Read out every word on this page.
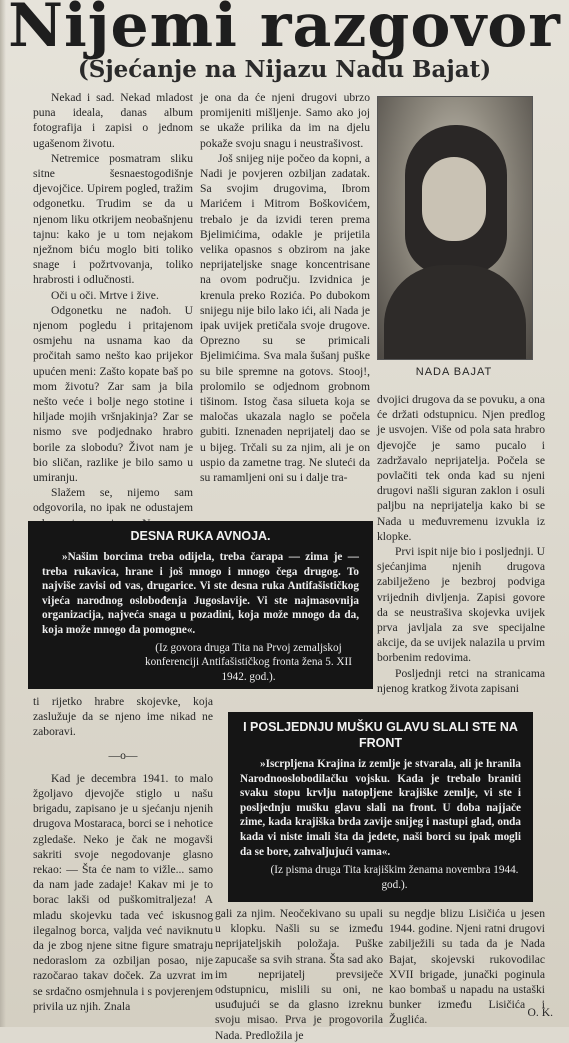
Nijemi razgovor
(Sjećanje na Nijazu Nadu Bajat)

Nekad i sad. Nekad mladost puna ideala, danas album fotografija i zapisi o jednom ugašenom životu.

Netremice posmatram sliku sitne šesnaestogodišnje djevojčice. Upirem pogled, tražim odgonetku. Trudim se da u njenom liku otkrijem neobašnjenu tajnu: kako je u tom nejakom nježnom biću moglo biti toliko snage i požrtvovanja, toliko hrabrosti i odlučnosti.

Oči u oči. Mrtve i žive.

Odgonetku ne nađoh. U njenom pogledu i pritajenom osmjehu na usnama kao da pročitah samo nešto kao prijekor upućen meni: Zašto kopate baš po mom životu? Zar sam ja bila nešto veće i bolje nego stotine i hiljade mojih vršnjakinja? Zar se nismo sve podjednako hrabro borile za slobodu? Život nam je bio sličan, razlike je bilo samo u umiranju.

Slažem se, nijemo sam odgovorila, no ipak ne odustajem

je ona da će njeni drugovi ubrzo promijeniti mišljenje. Samo ako joj se ukaže prilika da im na djelu pokaže svoju snagu i neustrašivost.

Još snijeg nije počeo da kopni, a Nadi je povjeren ozbiljan zadatak. Sa svojim drugovima, Ibrom Marićem i Mitrom Boškovićem, trebalo je da izvidi teren prema Bjelimićima, odakle je prijetila velika opasnos s obzirom na jake neprijateljske snage koncentrisane na ovom području. Izvidnica je krenula preko Rozića. Po dubokom snijegu nije bilo lako ići, ali Nada je ipak uvijek pretičala svoje drugove. Oprezno su se primicali Bjelimićima. Sva mala šušanj puške su bile spremne na gotovs. Stooj!, prolomilo se odjednom grobnom tišinom. Istog časa silueta koja se maločas ukazala naglo se počela gubiti. Iznenaden neprijatelj dao se u bijeg. Trčali su za njim, ali je on uspio da zametne trag. Ne sluteći da su ramamljeni oni su i dalje tra-

NADA BAJAT

dvojici drugova da se povuku, a ona će držati odstupnicu. Njen predlog je usvojen. Više od pola sata hrabro djevojče je samo pucalo i zadržavalo neprijatelja. Počela se povlačiti tek onda kad su njeni drugovi našli siguran zaklon i osuli paljbu na neprijatelja kako bi se Nada u međuvremenu izvukla iz klopke.

Prvi ispit nije bio i posljednji. U sjećanjima njenih drugova zabilježeno je bezbroj podviga vrijednih divljenja. Zapisi govore da se neustrašiva skojevka uvijek prva javljala za sve specijalne akcije, da se uvijek nalazila u prvim borbenim redovima.

Posljednji retci na stranicama njenog kratkog života zapisani

DESNA RUKA AVNOJA.
»Našim borcima treba odijela, treba čarapa — zima je — treba rukavica, hrane i još mnogo i mnogo čega drugog. To najviše zavisi od vas, drugarice. Vi ste desna ruka Antifašističkog vijeća narodnog oslobođenja Jugoslavije. Vi ste najmasovnija organizacija, najveća snaga u pozadini, koja može mnogo da da, koja može mnogo da pomogne«.
(Iz govora druga Tita na Prvoj zemaljskoj konferenciji Antifašističkog fronta žena 5. XII 1942. god.).

ti rijetko hrabre skojevke, koja zaslužuje da se njeno ime nikad ne zaboravi.

—o—

Kad je decembra 1941. to malo žgoljavo djevojče stiglo u našu brigadu, zapisano je u sjećanju njenih drugova Mostaraca, borci se i nehotice zgledaše. Neko je čak ne mogavši sakriti svoje negodovanje glasno rekao: — Šta će nam to vižle... samo da nam jade zadaje! Kakav mi je to borac lakši od puškomitraljeza! A mladu skojevku tada već iskusnog ilegalnog borca, valjda već naviknutu da je zbog njene sitne figure smatraju nedoraslom za ozbiljan posao, nije razočarao takav doček. Za uzvrat im se srdačno osmjehnula i s povjerenjem privila uz njih. Znala

I POSLJEDNJU MUŠKU GLAVU SLALI STE NA FRONT
»Iscrpljena Krajina iz zemlje je stvarala, ali je hranila Narodnooslobodilačku vojsku. Kada je trebalo braniti svaku stopu krvlju natopljene krajiške zemlje, vi ste i posljednju mušku glavu slali na front. U doba najjače zime, kada krajiška brda zavije snijeg i nastupi glad, onda kada vi niste imali šta da jedete, naši borci su ipak mogli da se bore, zahvaljujući vama«.
(Iz pisma druga Tita krajiškim ženama novembra 1944. god.).

gali za njim. Neočekivano su upali u klopku. Našli su se između neprijateljskih položaja. Puške zapucaše sa svih strana. Šta sad ako im neprijatelj prevsiječe odstupnicu, mislili su oni, ne usuđujući se da glasno izreknu svoju misao. Prva je progovorila Nada. Predložila je

su negdje blizu Lisičića u jesen 1944. godine. Njeni ratni drugovi zabilježili su tada da je Nada Bajat, skojevski rukovodilac XVII brigade, junački poginula kao bombaš u napadu na ustaški bunker između Lisičića i Žuglića.

O. K.
